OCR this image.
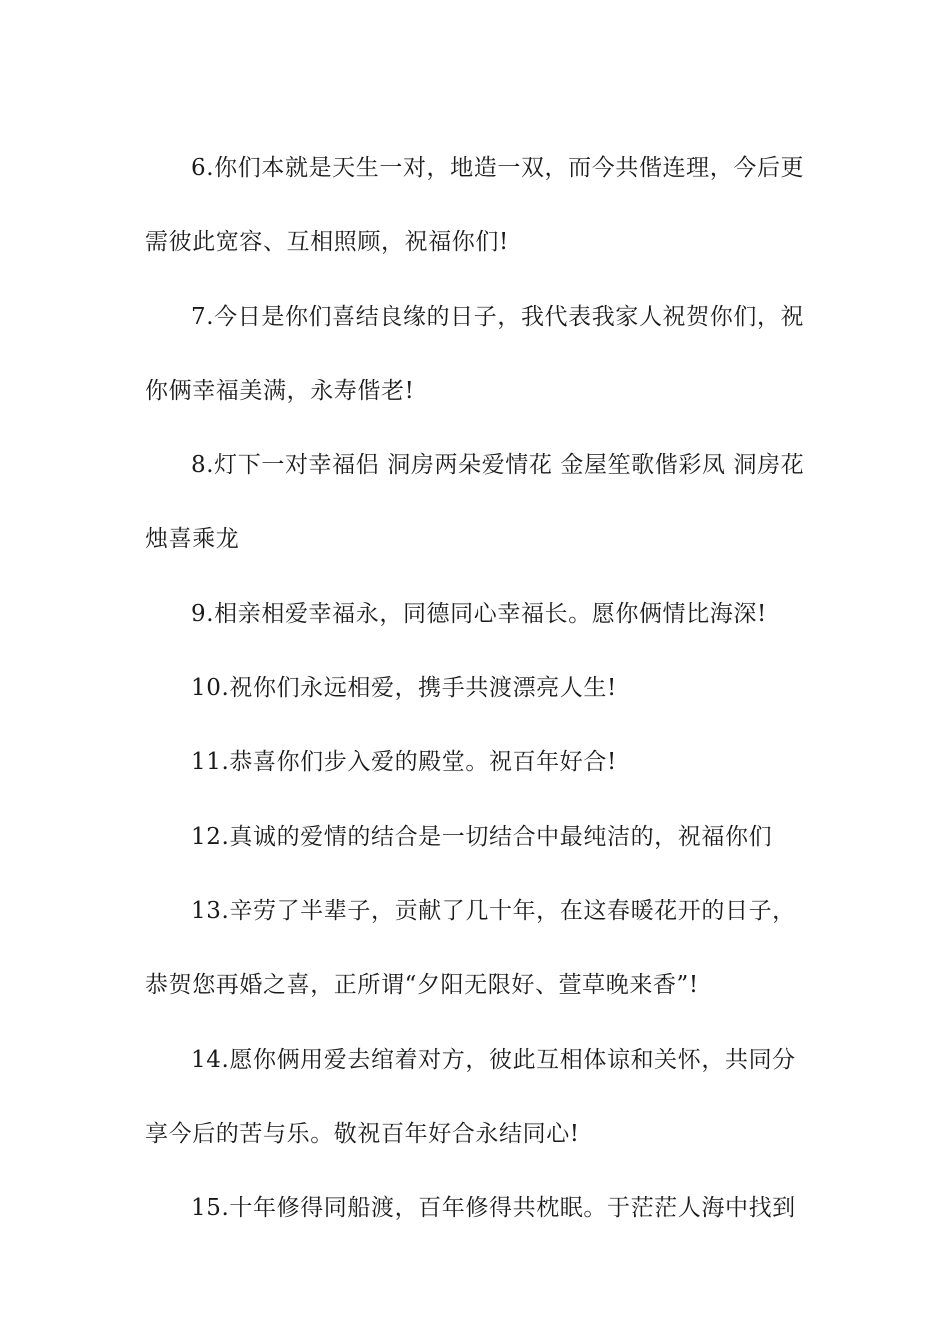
6.你们本就是天生一对，地造一双，而今共偕连理，今后更需彼此宽容、互相照顾，祝福你们!

7.今日是你们喜结良缘的日子，我代表我家人祝贺你们，祝你俩幸福美满，永寿偕老!

8.灯下一对幸福侣 洞房两朵爱情花 金屋笙歌偕彩凤 洞房花烛喜乘龙

9.相亲相爱幸福永，同德同心幸福长。愿你俩情比海深!

10.祝你们永远相爱，携手共渡漂亮人生!

11.恭喜你们步入爱的殿堂。祝百年好合!

12.真诚的爱情的结合是一切结合中最纯洁的，祝福你们

13.辛劳了半辈子，贡献了几十年，在这春暖花开的日子，恭贺您再婚之喜，正所谓“夕阳无限好、萱草晚来香”!

14.愿你俩用爱去绾着对方，彼此互相体谅和关怀，共同分享今后的苦与乐。敬祝百年好合永结同心!

15.十年修得同船渡，百年修得共枕眠。于茫茫人海中找到
